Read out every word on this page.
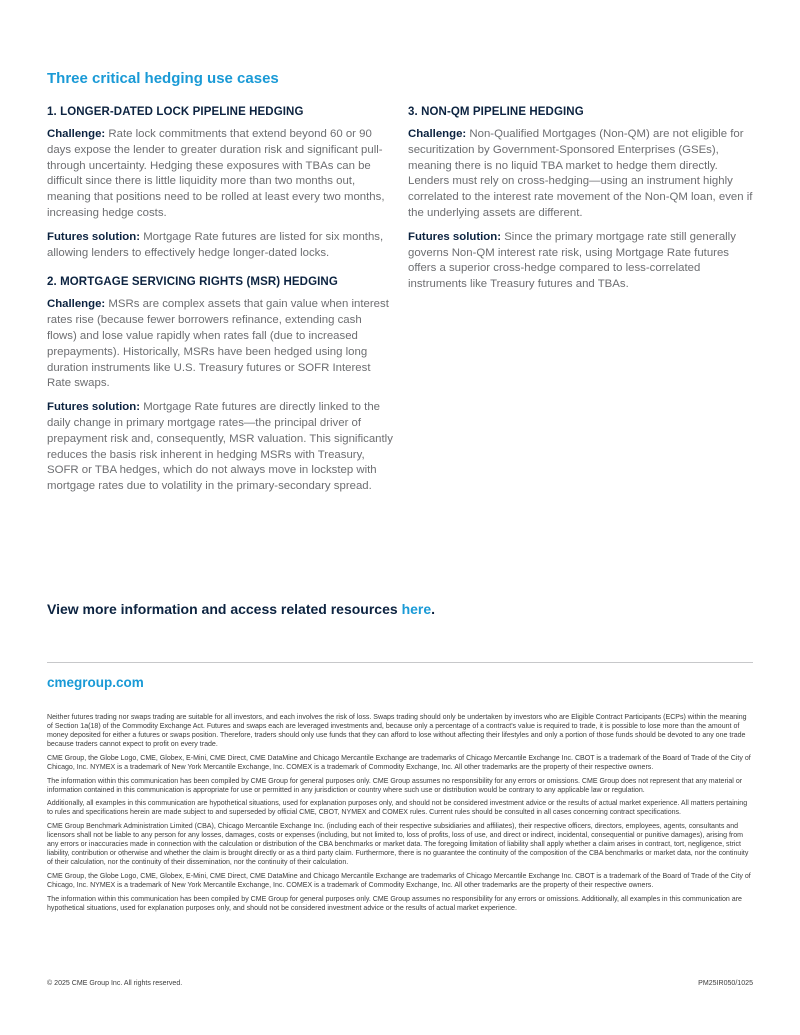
Three critical hedging use cases
1. LONGER-DATED LOCK PIPELINE HEDGING

Challenge: Rate lock commitments that extend beyond 60 or 90 days expose the lender to greater duration risk and significant pull-through uncertainty. Hedging these exposures with TBAs can be difficult since there is little liquidity more than two months out, meaning that positions need to be rolled at least every two months, increasing hedge costs.

Futures solution: Mortgage Rate futures are listed for six months, allowing lenders to effectively hedge longer-dated locks.

2. MORTGAGE SERVICING RIGHTS (MSR) HEDGING

Challenge: MSRs are complex assets that gain value when interest rates rise (because fewer borrowers refinance, extending cash flows) and lose value rapidly when rates fall (due to increased prepayments). Historically, MSRs have been hedged using long duration instruments like U.S. Treasury futures or SOFR Interest Rate swaps.

Futures solution: Mortgage Rate futures are directly linked to the daily change in primary mortgage rates—the principal driver of prepayment risk and, consequently, MSR valuation. This significantly reduces the basis risk inherent in hedging MSRs with Treasury, SOFR or TBA hedges, which do not always move in lockstep with mortgage rates due to volatility in the primary-secondary spread.

3. NON-QM PIPELINE HEDGING

Challenge: Non-Qualified Mortgages (Non-QM) are not eligible for securitization by Government-Sponsored Enterprises (GSEs), meaning there is no liquid TBA market to hedge them directly. Lenders must rely on cross-hedging—using an instrument highly correlated to the interest rate movement of the Non-QM loan, even if the underlying assets are different.

Futures solution: Since the primary mortgage rate still generally governs Non-QM interest rate risk, using Mortgage Rate futures offers a superior cross-hedge compared to less-correlated instruments like Treasury futures and TBAs.

View more information and access related resources here.

cmegroup.com

Neither futures trading nor swaps trading are suitable for all investors, and each involves the risk of loss. Swaps trading should only be undertaken by investors who are Eligible Contract Participants (ECPs) within the meaning of Section 1a(18) of the Commodity Exchange Act. Futures and swaps each are leveraged investments and, because only a percentage of a contract's value is required to trade, it is possible to lose more than the amount of money deposited for either a futures or swaps position. Therefore, traders should only use funds that they can afford to lose without affecting their lifestyles and only a portion of those funds should be devoted to any one trade because traders cannot expect to profit on every trade.

CME Group, the Globe Logo, CME, Globex, E-Mini, CME Direct, CME DataMine and Chicago Mercantile Exchange are trademarks of Chicago Mercantile Exchange Inc. CBOT is a trademark of the Board of Trade of the City of Chicago, Inc. NYMEX is a trademark of New York Mercantile Exchange, Inc. COMEX is a trademark of Commodity Exchange, Inc. All other trademarks are the property of their respective owners.

The information within this communication has been compiled by CME Group for general purposes only. CME Group assumes no responsibility for any errors or omissions. CME Group does not represent that any material or information contained in this communication is appropriate for use or permitted in any jurisdiction or country where such use or distribution would be contrary to any applicable law or regulation.

Additionally, all examples in this communication are hypothetical situations, used for explanation purposes only, and should not be considered investment advice or the results of actual market experience. All matters pertaining to rules and specifications herein are made subject to and superseded by official CME, CBOT, NYMEX and COMEX rules. Current rules should be consulted in all cases concerning contract specifications.

CME Group Benchmark Administration Limited (CBA), Chicago Mercantile Exchange Inc. (including each of their respective subsidiaries and affiliates), their respective officers, directors, employees, agents, consultants and licensors shall not be liable to any person for any losses, damages, costs or expenses (including, but not limited to, loss of profits, loss of use, and direct or indirect, incidental, consequential or punitive damages), arising from any errors or inaccuracies made in connection with the calculation or distribution of the CBA benchmarks or market data. The foregoing limitation of liability shall apply whether a claim arises in contract, tort, negligence, strict liability, contribution or otherwise and whether the claim is brought directly or as a third party claim. Furthermore, there is no guarantee the continuity of the composition of the CBA benchmarks or market data, nor the continuity of their calculation, nor the continuity of their dissemination, nor the continuity of their calculation.

CME Group, the Globe Logo, CME, Globex, E-Mini, CME Direct, CME DataMine and Chicago Mercantile Exchange are trademarks of Chicago Mercantile Exchange Inc. CBOT is a trademark of the Board of Trade of the City of Chicago, Inc. NYMEX is a trademark of New York Mercantile Exchange, Inc. COMEX is a trademark of Commodity Exchange, Inc. All other trademarks are the property of their respective owners.

The information within this communication has been compiled by CME Group for general purposes only. CME Group assumes no responsibility for any errors or omissions. Additionally, all examples in this communication are hypothetical situations, used for explanation purposes only, and should not be considered investment advice or the results of actual market experience.

© 2025 CME Group Inc. All rights reserved.	PM25IR050/1025
